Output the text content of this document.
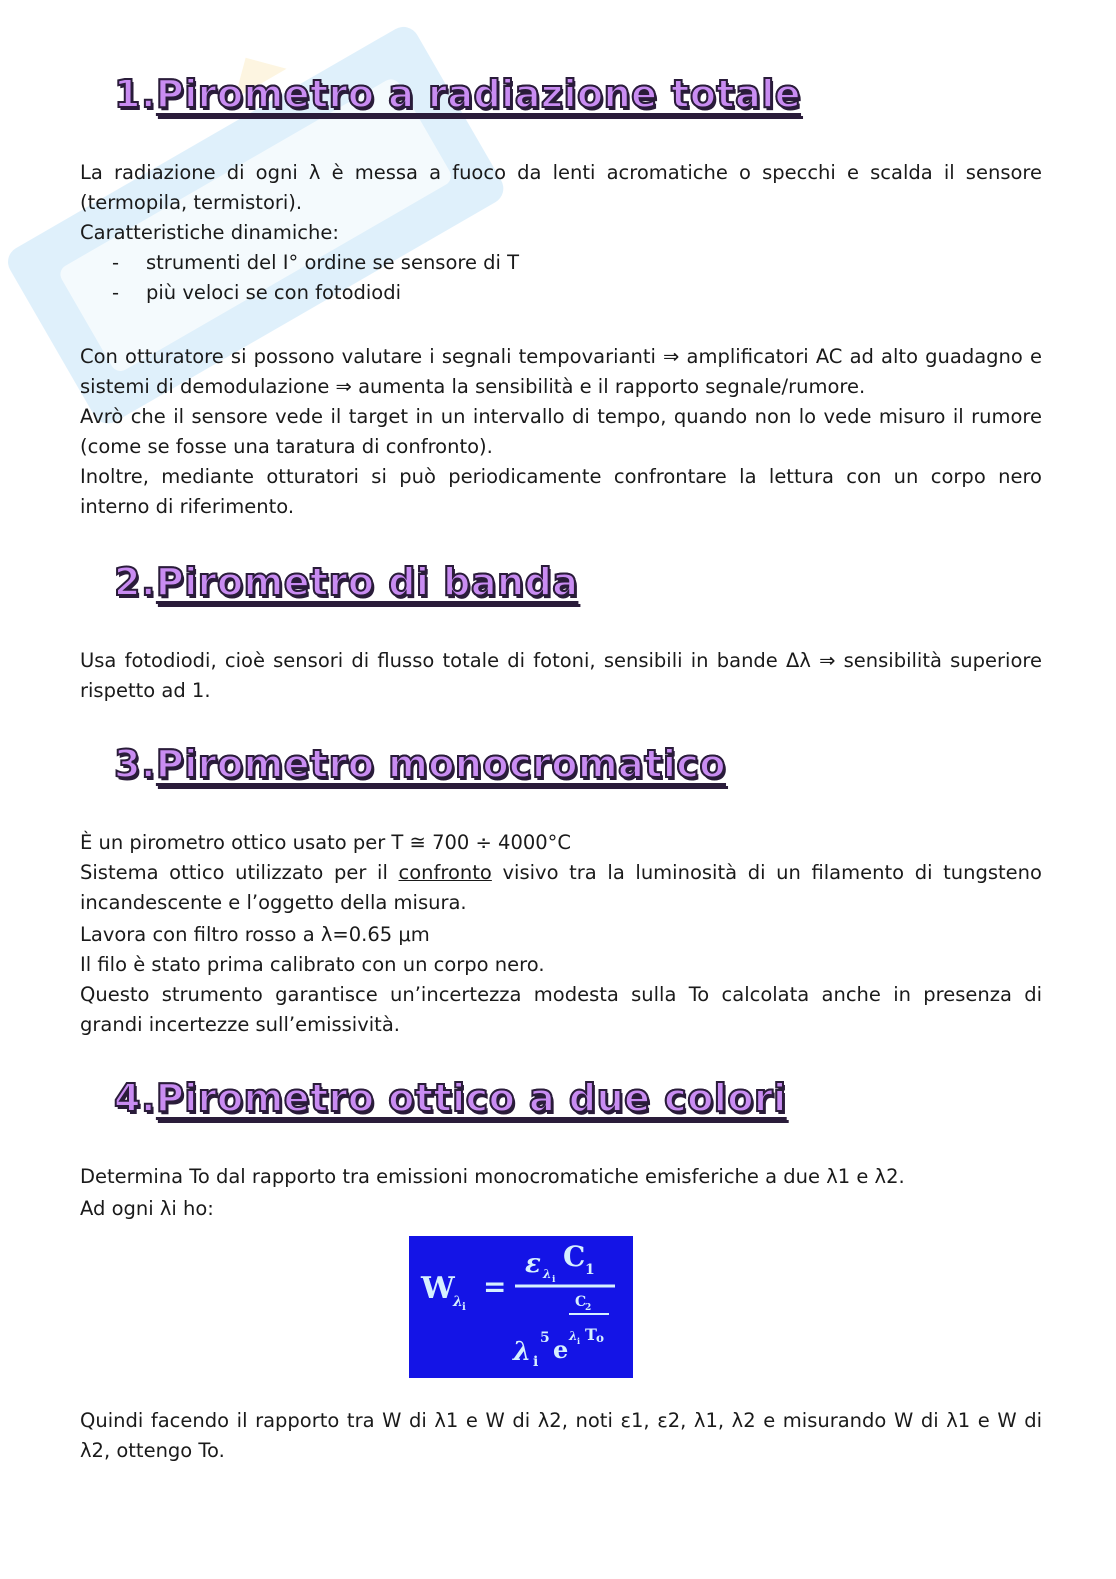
1.Pirometro a radiazione totale

La radiazione di ogni λ è messa a fuoco da lenti acromatiche o specchi e scalda il sensore (termopila, termistori).

Caratteristiche dinamiche:

- strumenti del I° ordine se sensore di T
- più veloci se con fotodiodi

Con otturatore si possono valutare i segnali tempovarianti ⇒ amplificatori AC ad alto guadagno e sistemi di demodulazione ⇒ aumenta la sensibilità e il rapporto segnale/rumore.

Avrò che il sensore vede il target in un intervallo di tempo, quando non lo vede misuro il rumore (come se fosse una taratura di confronto).

Inoltre, mediante otturatori si può periodicamente confrontare la lettura con un corpo nero interno di riferimento.

2.Pirometro di banda

Usa fotodiodi, cioè sensori di flusso totale di fotoni, sensibili in bande Δλ ⇒ sensibilità superiore rispetto ad 1.

3.Pirometro monocromatico

È un pirometro ottico usato per T ≅ 700 ÷ 4000°C

Sistema ottico utilizzato per il confronto visivo tra la luminosità di un filamento di tungsteno incandescente e l’oggetto della misura.

Lavora con filtro rosso a λ=0.65 μm

Il filo è stato prima calibrato con un corpo nero.

Questo strumento garantisce un’incertezza modesta sulla To calcolata anche in presenza di grandi incertezze sull’emissività.

4.Pirometro ottico a due colori

Determina To dal rapporto tra emissioni monocromatiche emisferiche a due λ1 e λ2.

Ad ogni λi ho:

W
λ i
=
ε λ i
C 1
C
2
λ i
5 e λ i T o

Quindi facendo il rapporto tra W di λ1 e W di λ2, noti ε1, ε2, λ1, λ2 e misurando W di λ1 e W di λ2, ottengo To.
